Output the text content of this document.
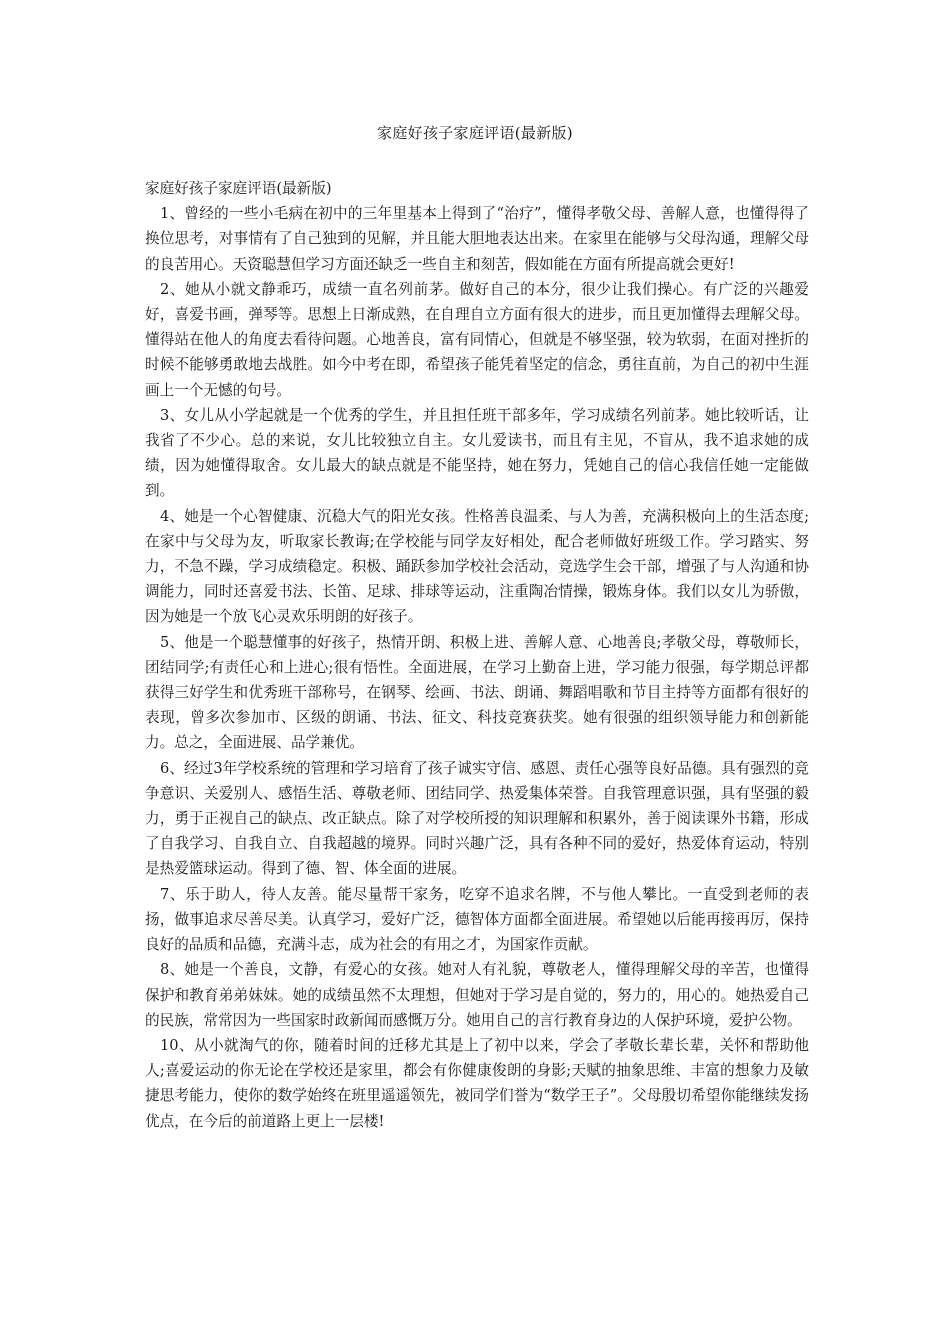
家庭好孩子家庭评语(最新版)

家庭好孩子家庭评语(最新版)

1、曾经的一些小毛病在初中的三年里基本上得到了“治疗”，懂得孝敬父母、善解人意，也懂得得了换位思考，对事情有了自己独到的见解，并且能大胆地表达出来。在家里在能够与父母沟通，理解父母的良苦用心。天资聪慧但学习方面还缺乏一些自主和刻苦，假如能在方面有所提高就会更好!

2、她从小就文静乖巧，成绩一直名列前茅。做好自己的本分，很少让我们操心。有广泛的兴趣爱好，喜爱书画，弹琴等。思想上日渐成熟，在自理自立方面有很大的进步，而且更加懂得去理解父母。懂得站在他人的角度去看待问题。心地善良，富有同情心，但就是不够坚强，较为软弱，在面对挫折的时候不能够勇敢地去战胜。如今中考在即，希望孩子能凭着坚定的信念，勇往直前，为自己的初中生涯画上一个无憾的句号。

3、女儿从小学起就是一个优秀的学生，并且担任班干部多年，学习成绩名列前茅。她比较听话，让我省了不少心。总的来说，女儿比较独立自主。女儿爱读书，而且有主见，不盲从，我不追求她的成绩，因为她懂得取舍。女儿最大的缺点就是不能坚持，她在努力，凭她自己的信心我信任她一定能做到。

4、她是一个心智健康、沉稳大气的阳光女孩。性格善良温柔、与人为善，充满积极向上的生活态度;在家中与父母为友，听取家长教诲;在学校能与同学友好相处，配合老师做好班级工作。学习踏实、努力，不急不躁，学习成绩稳定。积极、踊跃参加学校社会活动，竞选学生会干部，增强了与人沟通和协调能力，同时还喜爱书法、长笛、足球、排球等运动，注重陶冶情操，锻炼身体。我们以女儿为骄傲，因为她是一个放飞心灵欢乐明朗的好孩子。

5、他是一个聪慧懂事的好孩子，热情开朗、积极上进、善解人意、心地善良;孝敬父母，尊敬师长，团结同学;有责任心和上进心;很有悟性。全面进展，在学习上勤奋上进，学习能力很强，每学期总评都获得三好学生和优秀班干部称号，在钢琴、绘画、书法、朗诵、舞蹈唱歌和节目主持等方面都有很好的表现，曾多次参加市、区级的朗诵、书法、征文、科技竞赛获奖。她有很强的组织领导能力和创新能力。总之，全面进展、品学兼优。

6、经过3年学校系统的管理和学习培育了孩子诚实守信、感恩、责任心强等良好品德。具有强烈的竞争意识、关爱别人、感悟生活、尊敬老师、团结同学、热爱集体荣誉。自我管理意识强，具有坚强的毅力，勇于正视自己的缺点、改正缺点。除了对学校所授的知识理解和积累外，善于阅读课外书籍，形成了自我学习、自我自立、自我超越的境界。同时兴趣广泛，具有各种不同的爱好，热爱体育运动，特别是热爱篮球运动。得到了德、智、体全面的进展。

7、乐于助人，待人友善。能尽量帮干家务，吃穿不追求名牌，不与他人攀比。一直受到老师的表扬，做事追求尽善尽美。认真学习，爱好广泛，德智体方面都全面进展。希望她以后能再接再厉，保持良好的品质和品德，充满斗志，成为社会的有用之才，为国家作贡献。

8、她是一个善良，文静，有爱心的女孩。她对人有礼貌，尊敬老人，懂得理解父母的辛苦，也懂得保护和教育弟弟妹妹。她的成绩虽然不太理想，但她对于学习是自觉的，努力的，用心的。她热爱自己的民族，常常因为一些国家时政新闻而感慨万分。她用自己的言行教育身边的人保护环境，爱护公物。

10、从小就淘气的你，随着时间的迁移尤其是上了初中以来，学会了孝敬长辈长辈，关怀和帮助他人;喜爱运动的你无论在学校还是家里，都会有你健康俊朗的身影;天赋的抽象思维、丰富的想象力及敏捷思考能力，使你的数学始终在班里遥遥领先，被同学们誉为“数学王子”。父母殷切希望你能继续发扬优点，在今后的前道路上更上一层楼!
